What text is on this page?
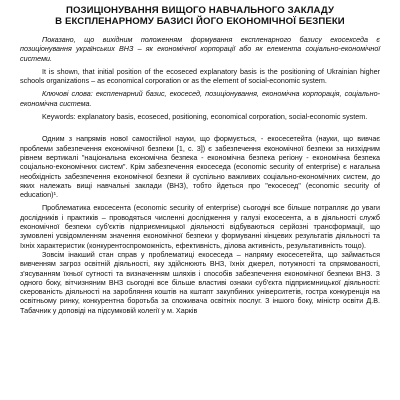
ПОЗИЦІОНУВАННЯ ВИЩОГО НАВЧАЛЬНОГО ЗАКЛАДУ

В ЕКСПЛЕНАРНОМУ БАЗИСІ ЙОГО ЕКОНОМІЧНОЇ БЕЗПЕКИ

Показано, що вихідним положенням формування експленарного базису екосекседа є позиціонування українських ВНЗ – як економічної корпорації або як елемента соціально-економічної системи.

It is shown, that initial position of the ecoseced explanatory basis is the positioning of Ukrainian higher schools organizations – as economical corporation or as the element of social-economic system.

Ключові слова: експленарний базис, екосесед, позиціонування, економічна корпорація, соціально-економічна система.

Keywords: explanatory basis, ecoseced, positioning, economical corporation, social-economic system.

Одним з напрямів нової самостійної науки, що формується, - екосесетейта (науки, що вивчає проблеми забезпечення економічної безпеки [1, с. 3]) є забезпечення економічної безпеки за низхідним рівнем вертикалі "національна економічна безпека - економічна безпека регіону - економічна безпека соціально-економічних систем". Крім забезпечення екосеседа (economic security of enterprise) є нагальна необхідність забезпечення економічної безпеки й суспільно важливих соціально-економічних систем, до яких належать вищі навчальні заклади (ВНЗ), тобто йдеться про "екосесед" (economic security of education)¹.

Проблематика екосесента (economic security of enterprise) сьогодні все більше потрапляє до уваги дослідників і практиків – проводяться численні дослідження у галузі екосесента, а в діяльності служб економічної безпеки суб'єктів підприємницької діяльності відбуваються серйозні трансформації, що зумовлені усвідомленням значення економічної безпеки у формуванні кінцевих результатів діяльності та їхніх характеристик (конкурентоспроможність, ефективність, ділова активність, результативність тощо).

Зовсім інакший стан справ у проблематиці екосеседа – напряму екосесетейта, що займається вивченням загроз освітній діяльності, яку здійснюють ВНЗ, їхніх джерел, потужності та спрямованості, з'ясуванням їхньої сутності та визначенням шляхів і способів забезпечення економічної безпеки ВНЗ. З одного боку, вітчизняним ВНЗ сьогодні все більше властиві ознаки суб'єкта підприємницької діяльності: скерованість діяльності на заробляння коштів на кштапт закупбиних університетів, гостра конкуренція на освітньому ринку, конкурентна боротьба за споживача освітніх послуг. З іншого боку, міністр освіти Д.В. Табачник у доповіді на підсумковій колегії у м. Харків
